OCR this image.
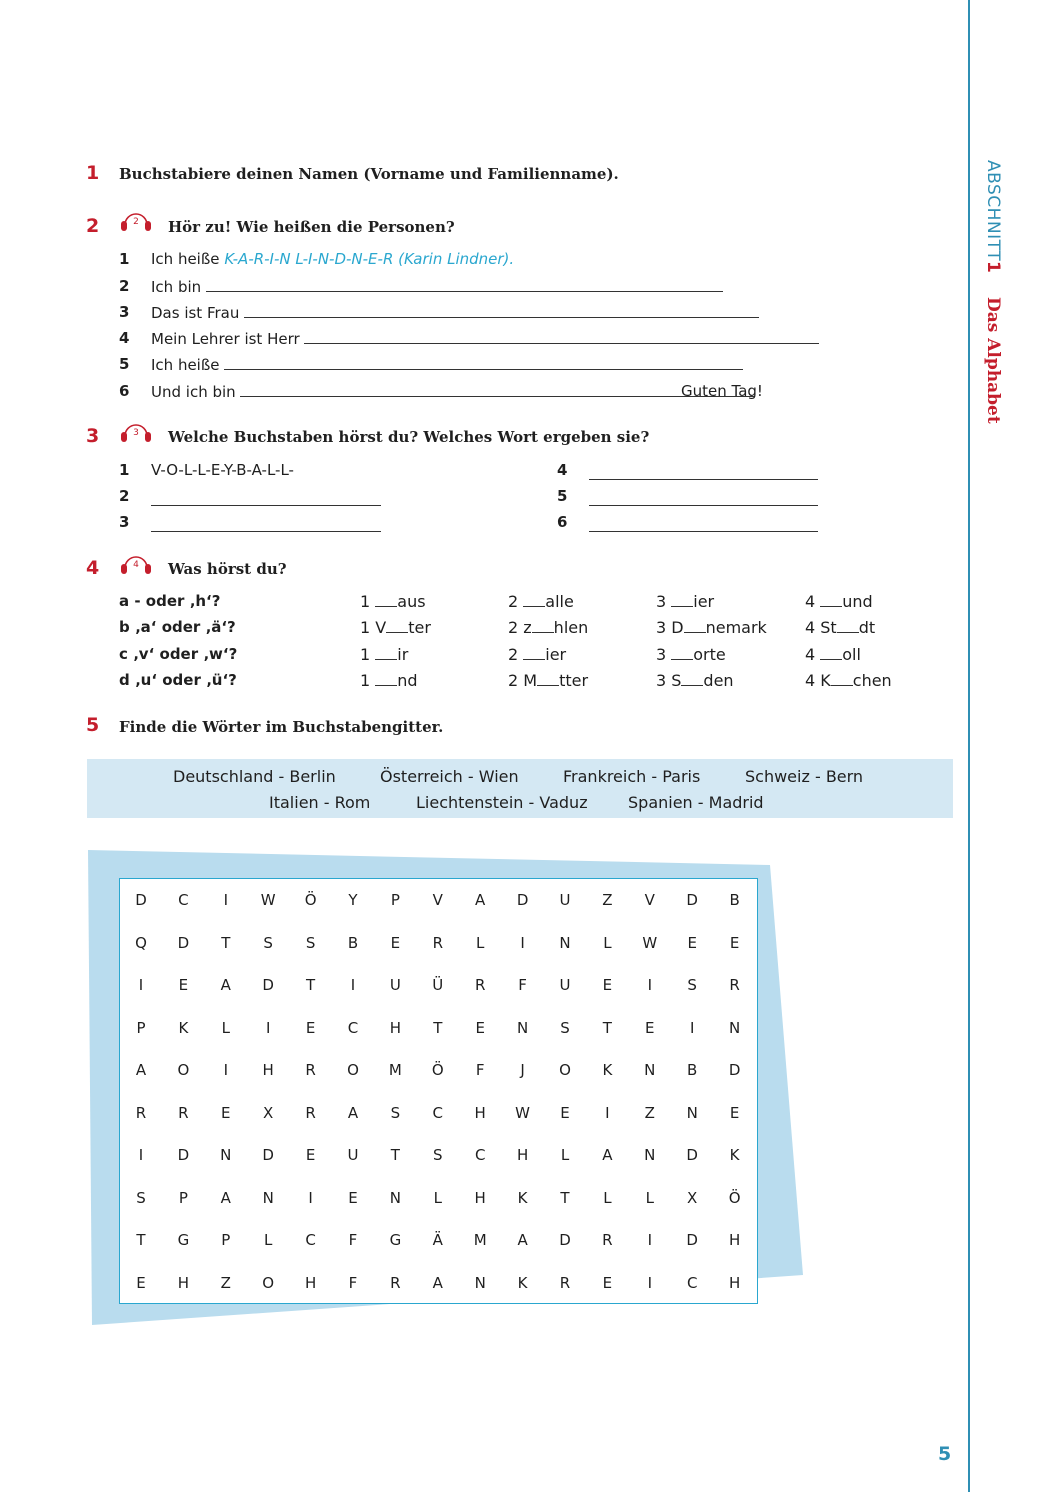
ABSCHNITT1Das Alphabet
5
1 Buchstabiere deinen Namen (Vorname und Familienname).
2	2 Hör zu! Wie heißen die Personen?
1 Ich heiße K-A-R-I-N L-I-N-D-N-E-R (Karin Lindner).
2 Ich bin
3 Das ist Frau
4 Mein Lehrer ist Herr
5 Ich heiße
6 Und ich bin	Guten Tag!
3	3 Welche Buchstaben hörst du? Welches Wort ergeben sie?
1 V-O-L-L-E-Y-B-A-L-L-
2
3
4
5
6
4	4 Was hörst du?
a - oder ‚h‘?	1 aus	2 alle	3 ier	4 und
b ‚a‘ oder ‚ä‘?	1 V ter	2 z hlen	3 D nemark 4 St dt
c ‚v‘ oder ‚w‘?	1 ir	2 ier	3 orte	4 oll
d ‚u‘ oder ‚ü‘?	1 nd	2 M tter	3 S den	4 K chen
5 Finde die Wörter im Buchstabengitter.
Deutschland - Berlin	Österreich - Wien	Frankreich - Paris	Schweiz - Bern
Italien - Rom	Liechtenstein - Vaduz	Spanien - Madrid
D	C	I	W	Ö	Y	P	V	A	D	U	Z	V	D	B
Q	D	T	S	S	B	E	R	L	I	N	L	W	E	E
I	E	A	D	T	I	U	Ü	R	F	U	E	I	S	R
P	K	L	I	E	C	H	T	E	N	S	T	E	I	N
A	O	I	H	R	O	M	Ö	F	J	O	K	N	B	D
R	R	E	X	R	A	S	C	H	W	E	I	Z	N	E
I	D	N	D	E	U	T	S	C	H	L	A	N	D	K
S	P	A	N	I	E	N	L	H	K	T	L	L	X	Ö
T	G	P	L	C	F	G	Ä	M	A	D	R	I	D	H
E	H	Z	O	H	F	R	A	N	K	R	E	I	C	H
